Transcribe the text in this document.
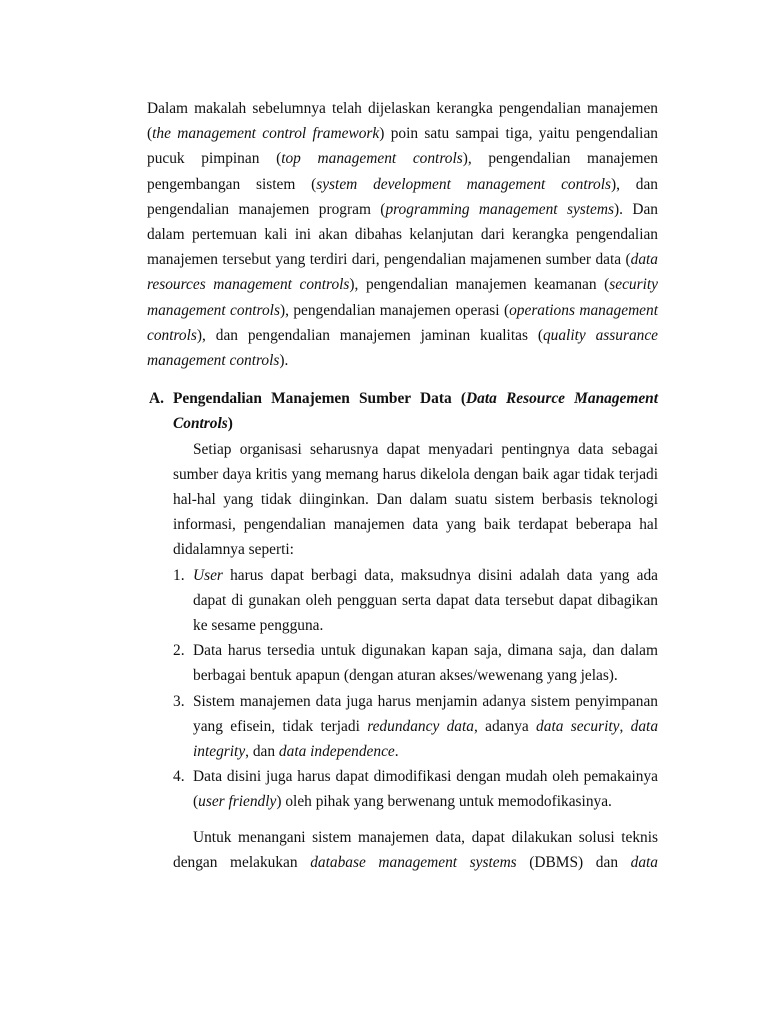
Dalam makalah sebelumnya telah dijelaskan kerangka pengendalian manajemen (the management control framework) poin satu sampai tiga, yaitu pengendalian pucuk pimpinan (top management controls), pengendalian manajemen pengembangan sistem (system development management controls), dan pengendalian manajemen program (programming management systems). Dan dalam pertemuan kali ini akan dibahas kelanjutan dari kerangka pengendalian manajemen tersebut yang terdiri dari, pengendalian majamenen sumber data (data resources management controls), pengendalian manajemen keamanan (security management controls), pengendalian manajemen operasi (operations management controls), dan pengendalian manajemen jaminan kualitas (quality assurance management controls).

A. Pengendalian Manajemen Sumber Data (Data Resource Management Controls)

Setiap organisasi seharusnya dapat menyadari pentingnya data sebagai sumber daya kritis yang memang harus dikelola dengan baik agar tidak terjadi hal-hal yang tidak diinginkan. Dan dalam suatu sistem berbasis teknologi informasi, pengendalian manajemen data yang baik terdapat beberapa hal didalamnya seperti:

1. User harus dapat berbagi data, maksudnya disini adalah data yang ada dapat di gunakan oleh pengguan serta dapat data tersebut dapat dibagikan ke sesame pengguna.
2. Data harus tersedia untuk digunakan kapan saja, dimana saja, dan dalam berbagai bentuk apapun (dengan aturan akses/wewenang yang jelas).
3. Sistem manajemen data juga harus menjamin adanya sistem penyimpanan yang efisein, tidak terjadi redundancy data, adanya data security, data integrity, dan data independence.
4. Data disini juga harus dapat dimodifikasi dengan mudah oleh pemakainya (user friendly) oleh pihak yang berwenang untuk memodofikasinya.

Untuk menangani sistem manajemen data, dapat dilakukan solusi teknis dengan melakukan database management systems (DBMS) dan data
